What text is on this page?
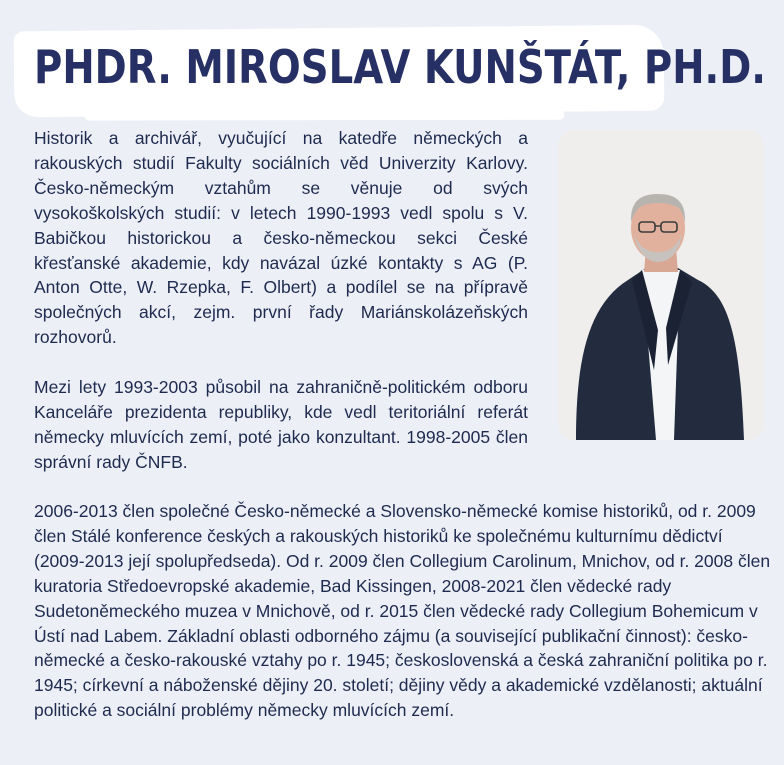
PHDR. MIROSLAV KUNŠTÁT, PH.D.
Historik a archivář, vyučující na katedře německých a rakouských studií Fakulty sociálních věd Univerzity Karlovy. Česko-německým vztahům se věnuje od svých vysokoškolských studií: v letech 1990-1993 vedl spolu s V. Babičkou historickou a česko-německou sekci České křesťanské akademie, kdy navázal úzké kontakty s AG (P. Anton Otte, W. Rzepka, F. Olbert) a podílel se na přípravě společných akcí, zejm. první řady Mariánskolázeňských rozhovorů.
Mezi lety 1993-2003 působil na zahraničně-politickém odboru Kanceláře prezidenta republiky, kde vedl teritoriální referát německy mluvících zemí, poté jako konzultant. 1998-2005 člen správní rady ČNFB.
2006-2013 člen společné Česko-německé a Slovensko-německé komise historiků, od r. 2009 člen Stálé konference českých a rakouských historiků ke společnému kulturnímu dědictví (2009-2013 její spolupředseda). Od r. 2009 člen Collegium Carolinum, Mnichov, od r. 2008 člen kuratoria Středoevropské akademie, Bad Kissingen, 2008-2021 člen vědecké rady Sudetoněmeckého muzea v Mnichově, od r. 2015 člen vědecké rady Collegium Bohemicum v Ústí nad Labem. Základní oblasti odborného zájmu (a související publikační činnost): česko-německé a česko-rakouské vztahy po r. 1945; československá a česká zahraniční politika po r. 1945; církevní a náboženské dějiny 20. století; dějiny vědy a akademické vzdělanosti; aktuální politické a sociální problémy německy mluvících zemí.
